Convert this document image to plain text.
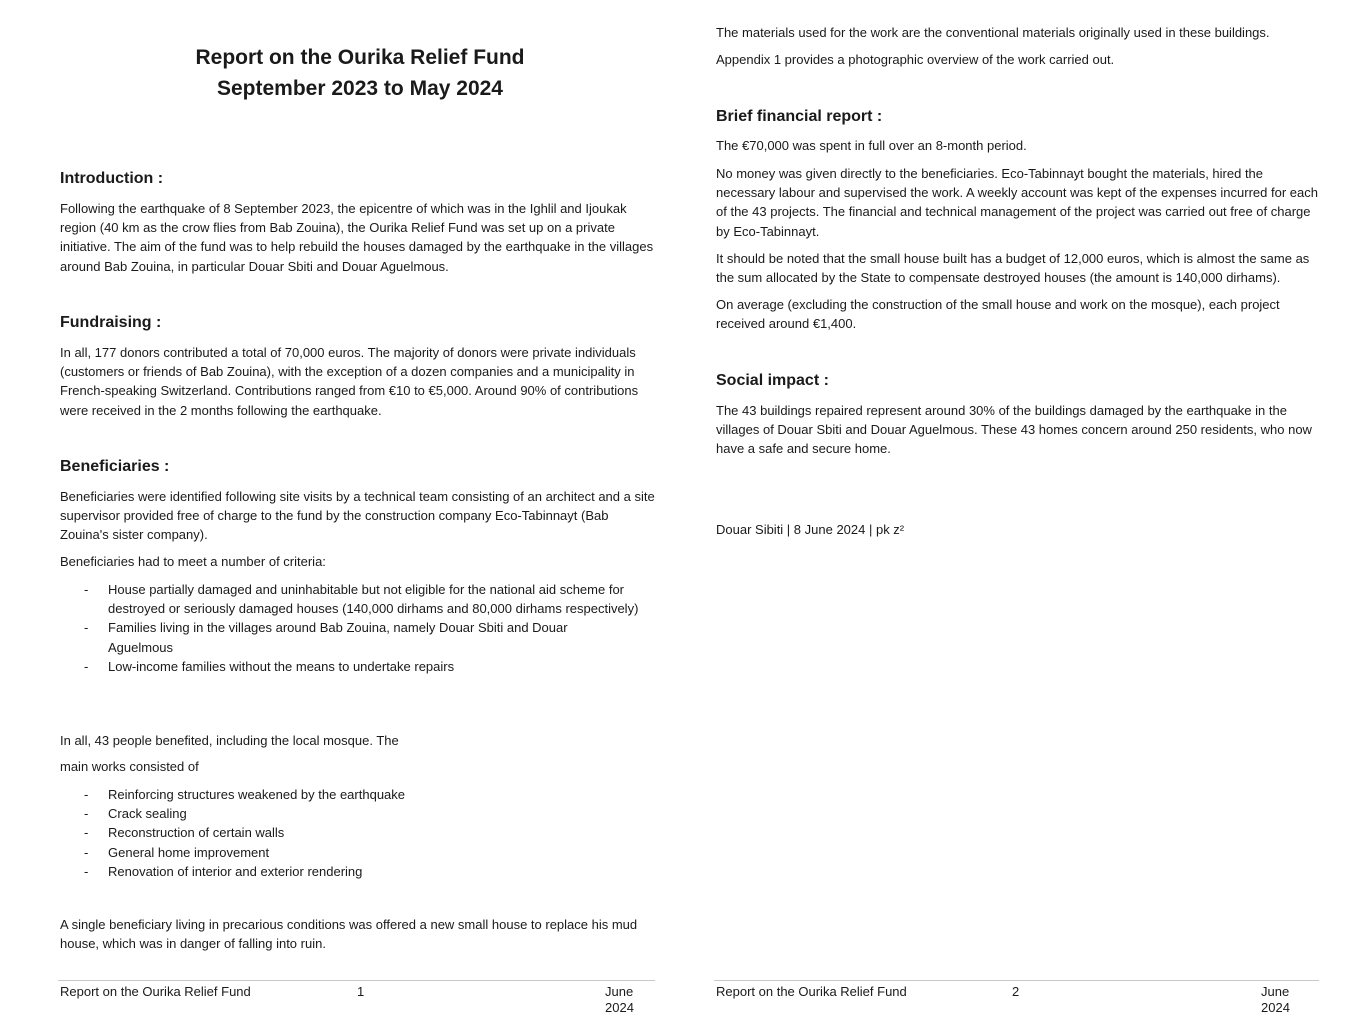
Report on the Ourika Relief Fund
September 2023 to May 2024
Introduction :

Following the earthquake of 8 September 2023, the epicentre of which was in the Ighlil and Ijoukak region (40 km as the crow flies from Bab Zouina), the Ourika Relief Fund was set up on a private initiative. The aim of the fund was to help rebuild the houses damaged by the earthquake in the villages around Bab Zouina, in particular Douar Sbiti and Douar Aguelmous.

Fundraising :

In all, 177 donors contributed a total of 70,000 euros. The majority of donors were private individuals (customers or friends of Bab Zouina), with the exception of a dozen companies and a municipality in French-speaking Switzerland. Contributions ranged from €10 to €5,000. Around 90% of contributions were received in the 2 months following the earthquake.

Beneficiaries :

Beneficiaries were identified following site visits by a technical team consisting of an architect and a site supervisor provided free of charge to the fund by the construction company Eco-Tabinnayt (Bab Zouina's sister company).

Beneficiaries had to meet a number of criteria:

- House partially damaged and uninhabitable but not eligible for the national aid scheme for destroyed or seriously damaged houses (140,000 dirhams and 80,000 dirhams respectively)
- Families living in the villages around Bab Zouina, namely Douar Sbiti and Douar Aguelmous
- Low-income families without the means to undertake repairs

In all, 43 people benefited, including the local mosque. The

main works consisted of

- Reinforcing structures weakened by the earthquake
- Crack sealing
- Reconstruction of certain walls
- General home improvement
- Renovation of interior and exterior rendering

A single beneficiary living in precarious conditions was offered a new small house to replace his mud house, which was in danger of falling into ruin.

Report on the Ourika Relief Fund	1	June
2024

The materials used for the work are the conventional materials originally used in these buildings.

Appendix 1 provides a photographic overview of the work carried out.

Brief financial report :

The €70,000 was spent in full over an 8-month period.

No money was given directly to the beneficiaries. Eco-Tabinnayt bought the materials, hired the necessary labour and supervised the work. A weekly account was kept of the expenses incurred for each of the 43 projects. The financial and technical management of the project was carried out free of charge by Eco-Tabinnayt.

It should be noted that the small house built has a budget of 12,000 euros, which is almost the same as the sum allocated by the State to compensate destroyed houses (the amount is 140,000 dirhams).

On average (excluding the construction of the small house and work on the mosque), each project received around €1,400.

Social impact :

The 43 buildings repaired represent around 30% of the buildings damaged by the earthquake in the villages of Douar Sbiti and Douar Aguelmous. These 43 homes concern around 250 residents, who now have a safe and secure home.

Douar Sibiti | 8 June 2024 | pk z²

Report on the Ourika Relief Fund	2	June
2024
